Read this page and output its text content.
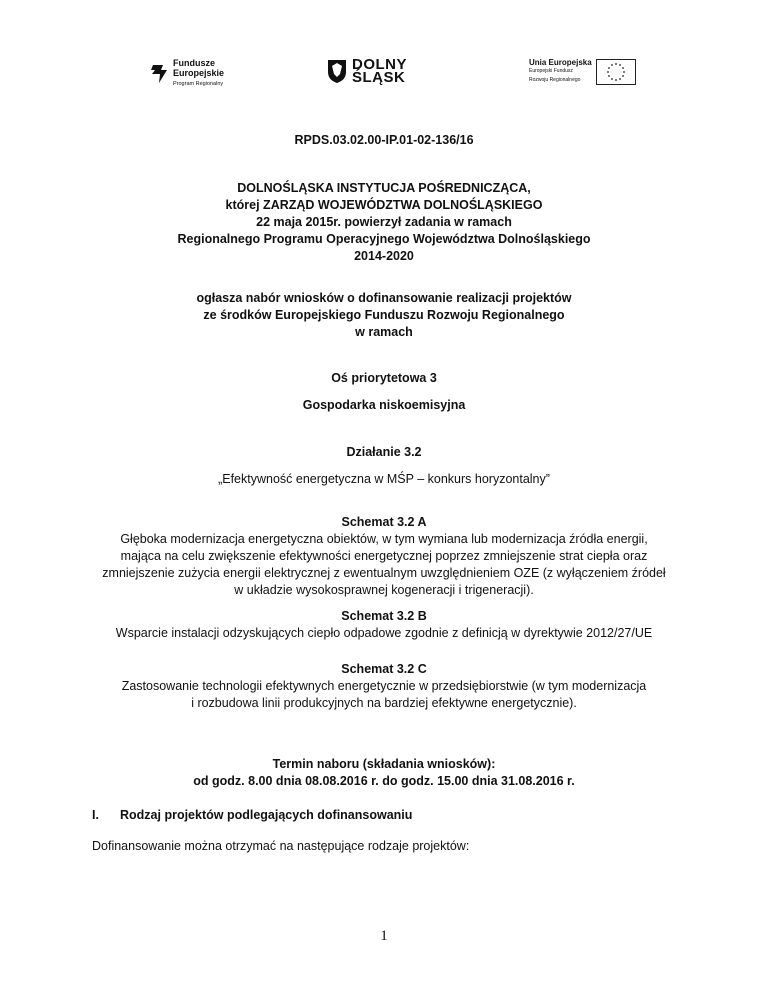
Fundusze
Europejskie
Program Regionalny
DOLNY
ŚLĄSK
Unia Europejska
Europejski Fundusz
Rozwoju Regionalnego
RPDS.03.02.00-IP.01-02-136/16
DOLNOŚLĄSKA INSTYTUCJA POŚREDNICZĄCA,
której ZARZĄD WOJEWÓDZTWA DOLNOŚLĄSKIEGO
22 maja 2015r. powierzył zadania w ramach
Regionalnego Programu Operacyjnego Województwa Dolnośląskiego
2014-2020
ogłasza nabór wniosków o dofinansowanie realizacji projektów
ze środków Europejskiego Funduszu Rozwoju Regionalnego
w ramach
Oś priorytetowa 3
Gospodarka niskoemisyjna
Działanie 3.2
„Efektywność energetyczna w MŚP – konkurs horyzontalny”
Schemat 3.2 A
Głęboka modernizacja energetyczna obiektów, w tym wymiana lub modernizacja źródła energii,
mająca na celu zwiększenie efektywności energetycznej poprzez zmniejszenie strat ciepła oraz
zmniejszenie zużycia energii elektrycznej z ewentualnym uwzględnieniem OZE (z wyłączeniem źródeł
w układzie wysokosprawnej kogeneracji i trigeneracji).
Schemat 3.2 B
Wsparcie instalacji odzyskujących ciepło odpadowe zgodnie z definicją w dyrektywie 2012/27/UE
Schemat 3.2 C
Zastosowanie technologii efektywnych energetycznie w przedsiębiorstwie (w tym modernizacja
i rozbudowa linii produkcyjnych na bardziej efektywne energetycznie).
Termin naboru (składania wniosków):
od godz. 8.00 dnia 08.08.2016 r. do godz. 15.00 dnia 31.08.2016 r.
I. Rodzaj projektów podlegających dofinansowaniu
Dofinansowanie można otrzymać na następujące rodzaje projektów:
1
